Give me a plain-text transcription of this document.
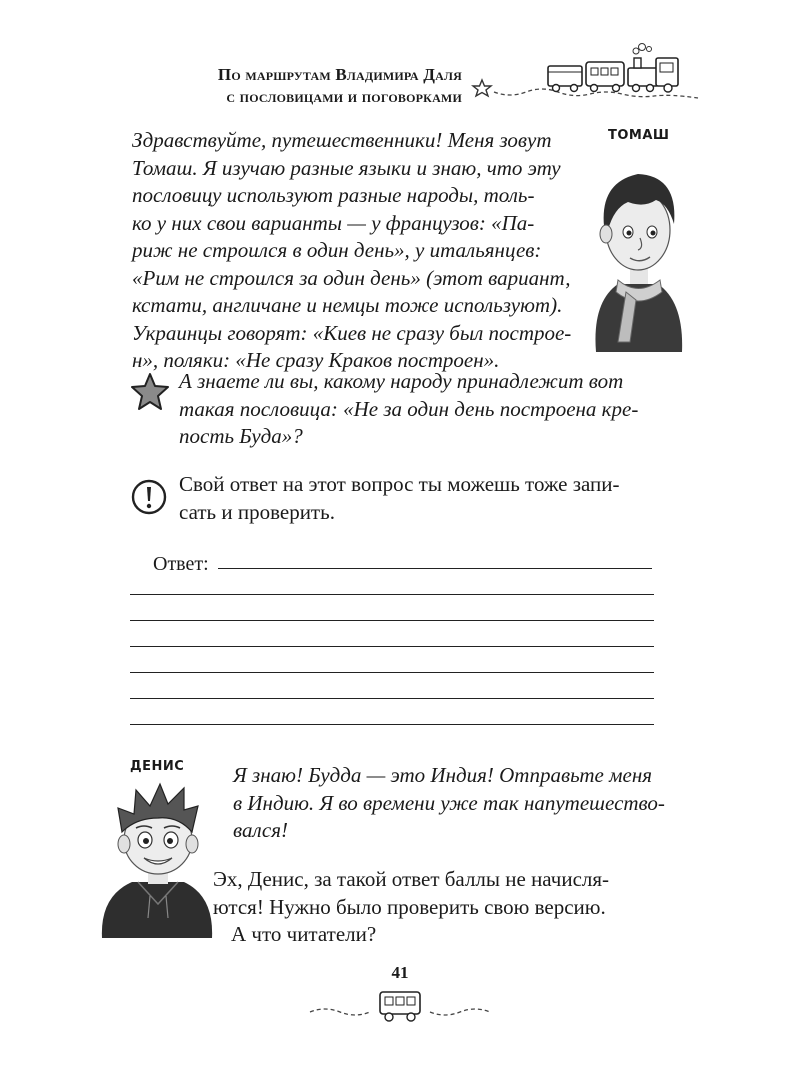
По маршрутам Владимира Даля
с пословицами и поговорками
Здравствуйте, путешественники! Меня зовут
Томаш. Я изучаю разные языки и знаю, что эту
пословицу используют разные народы, толь-
ко у них свои варианты — у французов: «Па-
риж не строился в один день», у итальянцев:
«Рим не строился за один день» (этот вариант,
кстати, англичане и немцы тоже используют).
Украинцы говорят: «Киев не сразу был построе-
н», поляки: «Не сразу Краков построен».
ТОМАШ
А знаете ли вы, какому народу принадлежит вот
такая пословица: «Не за один день построена кре-
пость Буда»?
Свой ответ на этот вопрос ты можешь тоже запи-
сать и проверить.
Ответ:
ДЕНИС Я знаю! Будда — это Индия! Отправьте меня
в Индию. Я во времени уже так напутешество-
вался!
Эх, Денис, за такой ответ баллы не начисля-
ются! Нужно было проверить свою версию.
А что читатели?
41
